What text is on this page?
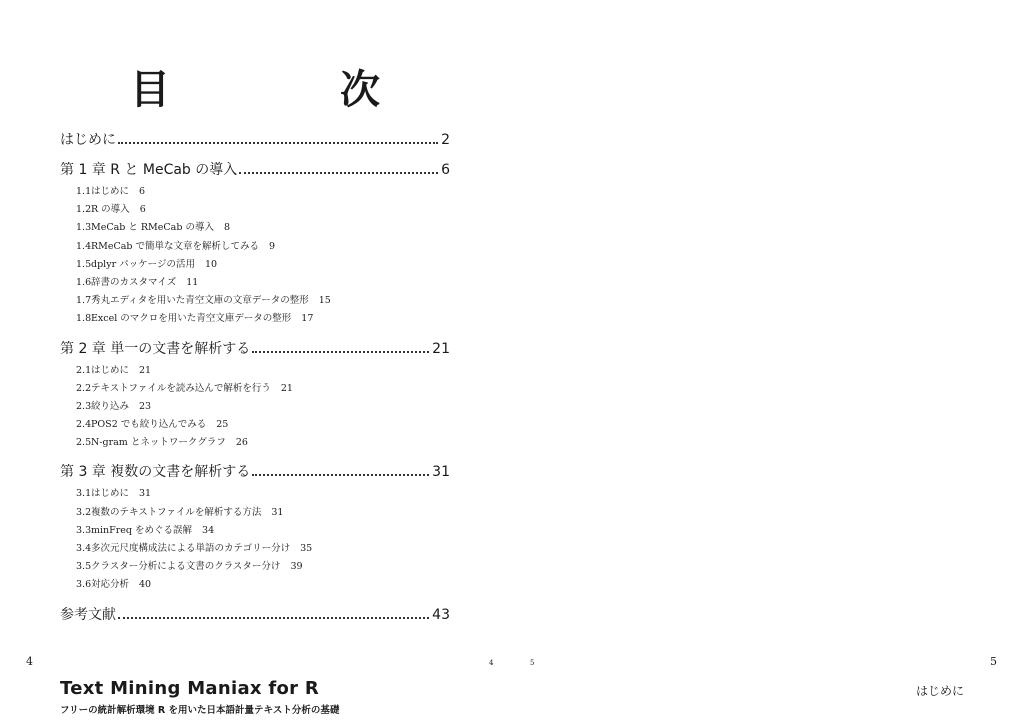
目	次
はじめに	2
第 1 章 R と MeCab の導入	6
1.1はじめに 6
1.2R の導入 6
1.3MeCab と RMeCab の導入 8
1.4RMeCab で簡単な文章を解析してみる 9
1.5dplyr パッケージの活用 10
1.6辞書のカスタマイズ 11
1.7秀丸エディタを用いた青空文庫の文章データの整形 15
1.8Excel のマクロを用いた青空文庫データの整形 17
第 2 章 単一の文書を解析する	21
2.1はじめに 21
2.2テキストファイルを読み込んで解析を行う 21
2.3絞り込み 23
2.4POS2 でも絞り込んでみる 25
2.5N-gram とネットワークグラフ 26
第 3 章 複数の文書を解析する	31
3.1はじめに 31
3.2複数のテキストファイルを解析する方法 31
3.3minFreq をめぐる誤解 34
3.4多次元尺度構成法による単語のカテゴリー分け 35
3.5クラスター分析による文書のクラスター分け 39
3.6対応分析 40
参考文献	43
4	4
Text Mining Maniax for R
フリーの統計解析環境 R を用いた日本語計量テキスト分析の基礎
5	5
はじめに
